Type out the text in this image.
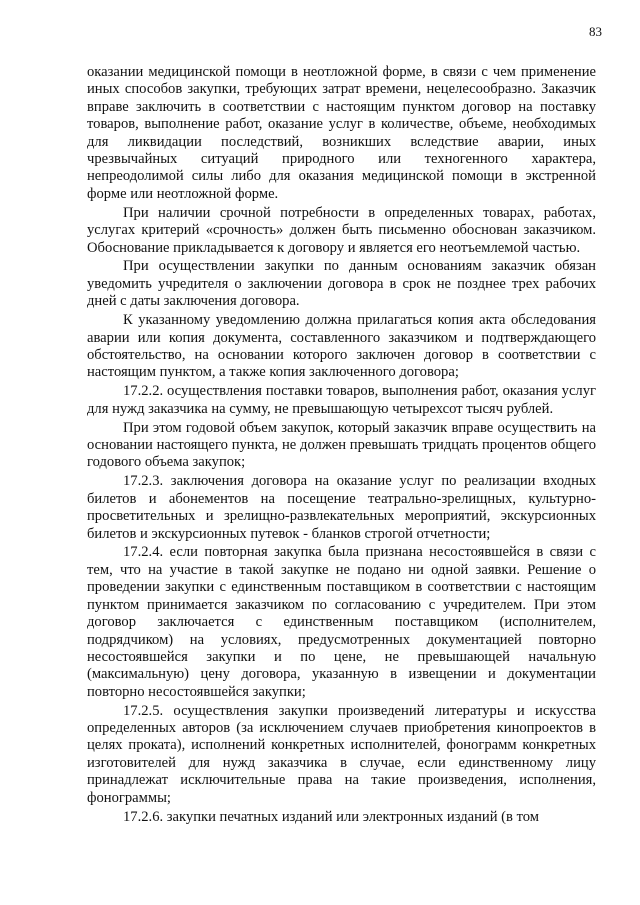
83

оказании медицинской помощи в неотложной форме, в связи с чем применение иных способов закупки, требующих затрат времени, нецелесообразно. Заказчик вправе заключить в соответствии с настоящим пунктом договор на поставку товаров, выполнение работ, оказание услуг в количестве, объеме, необходимых для ликвидации последствий, возникших вследствие аварии, иных чрезвычайных ситуаций природного или техногенного характера, непреодолимой силы либо для оказания медицинской помощи в экстренной форме или неотложной форме.

При наличии срочной потребности в определенных товарах, работах, услугах критерий «срочность» должен быть письменно обоснован заказчиком. Обоснование прикладывается к договору и является его неотъемлемой частью.

При осуществлении закупки по данным основаниям заказчик обязан уведомить учредителя о заключении договора в срок не позднее трех рабочих дней с даты заключения договора.

К указанному уведомлению должна прилагаться копия акта обследования аварии или копия документа, составленного заказчиком и подтверждающего обстоятельство, на основании которого заключен договор в соответствии с настоящим пунктом, а также копия заключенного договора;

17.2.2. осуществления поставки товаров, выполнения работ, оказания услуг для нужд заказчика на сумму, не превышающую четырехсот тысяч рублей.

При этом годовой объем закупок, который заказчик вправе осуществить на основании настоящего пункта, не должен превышать тридцать процентов общего годового объема закупок;

17.2.3. заключения договора на оказание услуг по реализации входных билетов и абонементов на посещение театрально-зрелищных, культурно-просветительных и зрелищно-развлекательных мероприятий, экскурсионных билетов и экскурсионных путевок - бланков строгой отчетности;

17.2.4. если повторная закупка была признана несостоявшейся в связи с тем, что на участие в такой закупке не подано ни одной заявки. Решение о проведении закупки с единственным поставщиком в соответствии с настоящим пунктом принимается заказчиком по согласованию с учредителем. При этом договор заключается с единственным поставщиком (исполнителем, подрядчиком) на условиях, предусмотренных документацией повторно несостоявшейся закупки и по цене, не превышающей начальную (максимальную) цену договора, указанную в извещении и документации повторно несостоявшейся закупки;

17.2.5. осуществления закупки произведений литературы и искусства определенных авторов (за исключением случаев приобретения кинопроектов в целях проката), исполнений конкретных исполнителей, фонограмм конкретных изготовителей для нужд заказчика в случае, если единственному лицу принадлежат исключительные права на такие произведения, исполнения, фонограммы;

17.2.6. закупки печатных изданий или электронных изданий (в том
